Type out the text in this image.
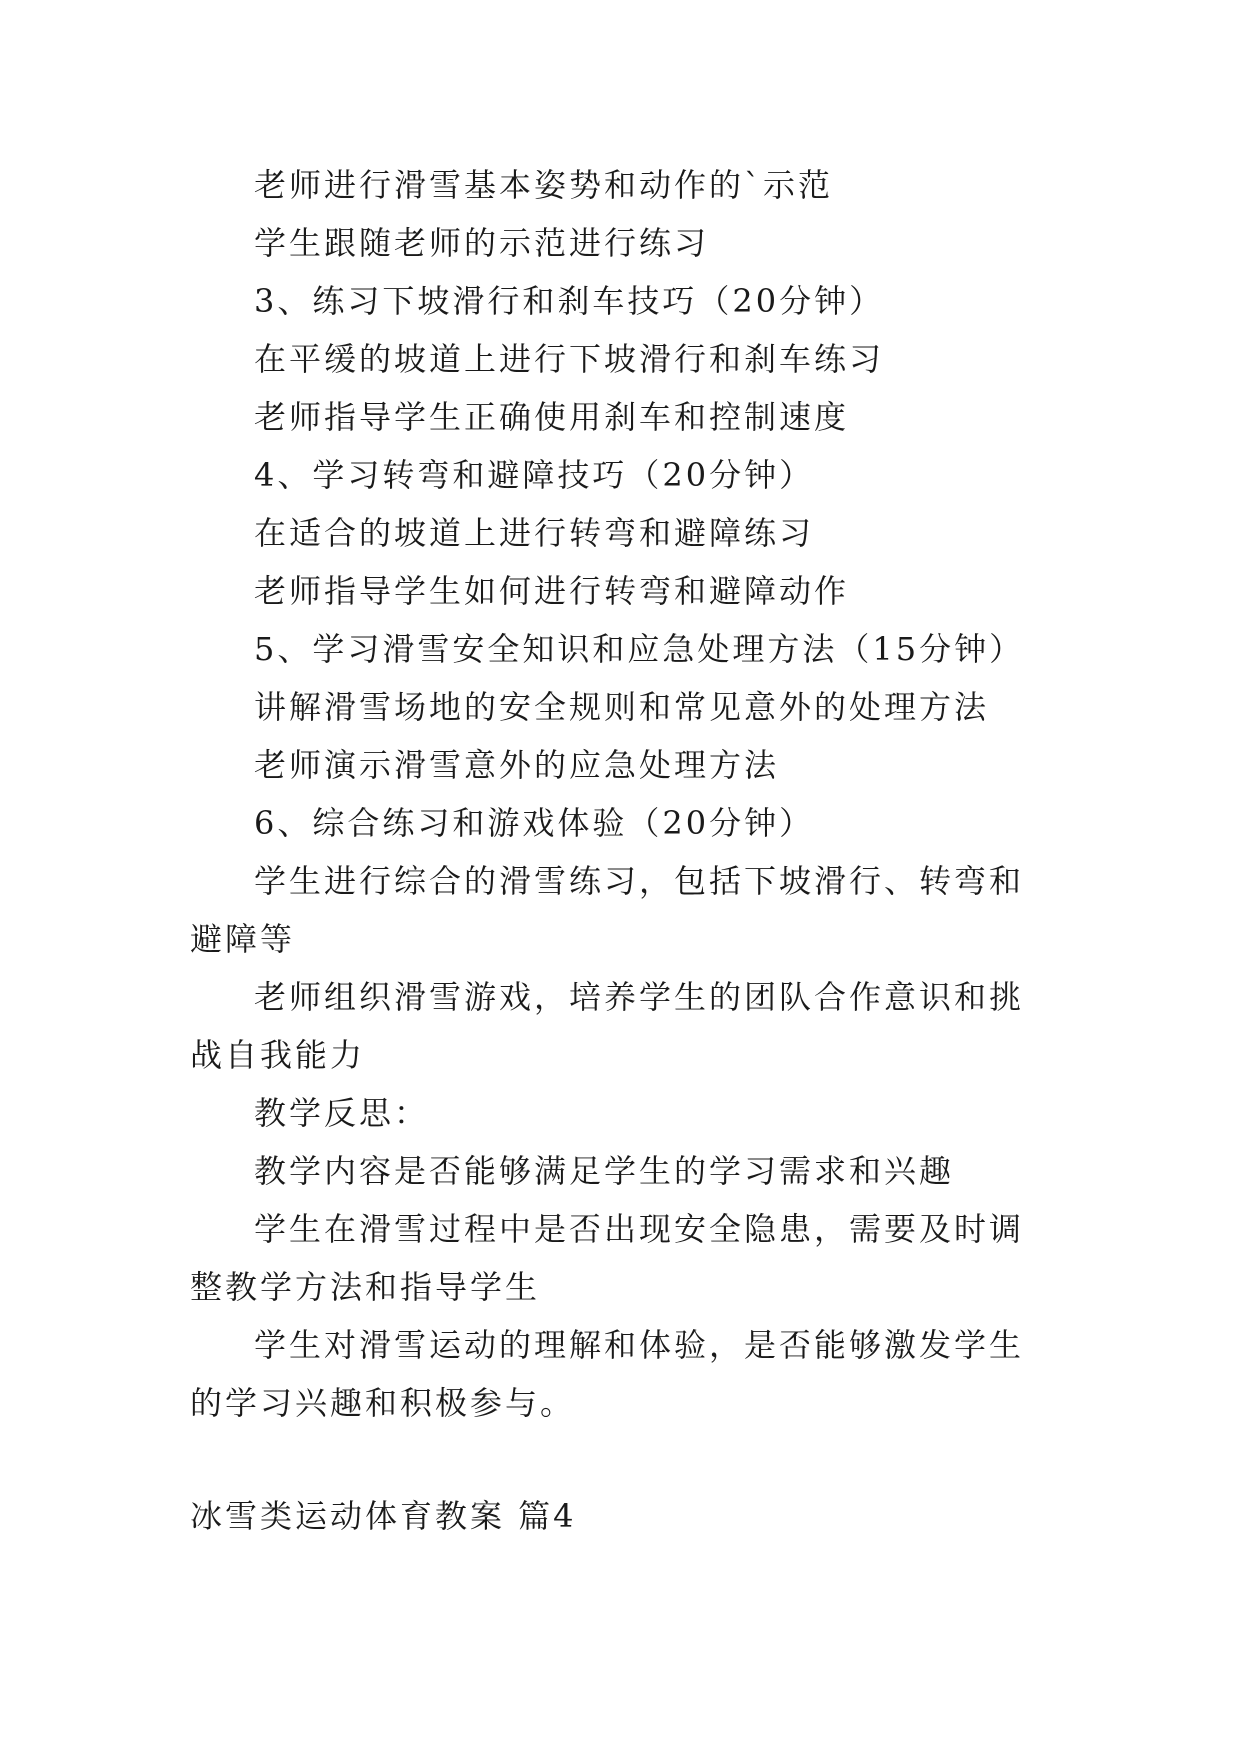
老师进行滑雪基本姿势和动作的`示范

学生跟随老师的示范进行练习

3、练习下坡滑行和刹车技巧（20分钟）

在平缓的坡道上进行下坡滑行和刹车练习

老师指导学生正确使用刹车和控制速度

4、学习转弯和避障技巧（20分钟）

在适合的坡道上进行转弯和避障练习

老师指导学生如何进行转弯和避障动作

5、学习滑雪安全知识和应急处理方法（15分钟）

讲解滑雪场地的安全规则和常见意外的处理方法

老师演示滑雪意外的应急处理方法

6、综合练习和游戏体验（20分钟）

学生进行综合的滑雪练习，包括下坡滑行、转弯和避障等

老师组织滑雪游戏，培养学生的团队合作意识和挑战自我能力

教学反思：

教学内容是否能够满足学生的学习需求和兴趣

学生在滑雪过程中是否出现安全隐患，需要及时调整教学方法和指导学生

学生对滑雪运动的理解和体验，是否能够激发学生的学习兴趣和积极参与。

冰雪类运动体育教案 篇4
